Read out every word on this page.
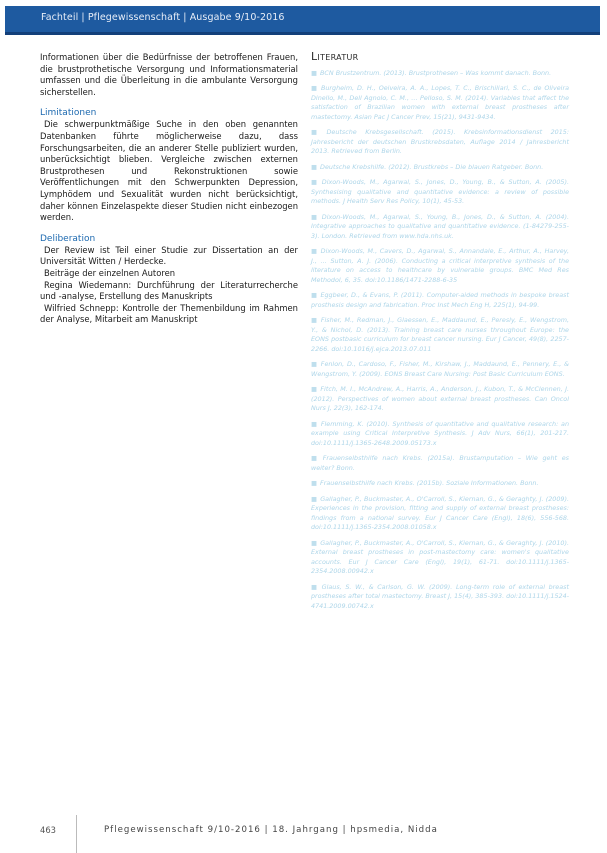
Fachteil | Pflegewissenschaft | Ausgabe 9/10-2016

Informationen über die Bedürfnisse der betroffenen Frauen, die brustprothetische Versorgung und Informationsmaterial umfassen und die Überleitung in die ambulante Versorgung sicherstellen.

Limitationen

Die schwerpunktmäßige Suche in den oben genannten Datenbanken führte möglicherweise dazu, dass Forschungsarbeiten, die an anderer Stelle publiziert wurden, unberücksichtigt blieben. Vergleiche zwischen externen Brustprothesen und Rekonstruktionen sowie Veröffentlichungen mit den Schwerpunkten Depression, Lymphödem und Sexualität wurden nicht berücksichtigt, daher können Einzelaspekte dieser Studien nicht einbezogen werden.

Deliberation

Der Review ist Teil einer Studie zur Dissertation an der Universität Witten / Herdecke.

Beiträge der einzelnen Autoren

Regina Wiedemann: Durchführung der Literaturrecherche und -analyse, Erstellung des Manuskripts

Wilfried Schnepp: Kontrolle der Themenbildung im Rahmen der Analyse, Mitarbeit am Manuskript

Literatur

■ BCN Brustzentrum. (2013). Brustprothesen – Was kommt danach. Bonn.

■ Burgheim, D. H., Oeiveira, A. A., Lopes, T. C., Brischiliari, S. C., de Oliveira Dinello, M., Dell Agnolo, C. M., … Pelloso, S. M. (2014). Variables that affect the satisfaction of Brazilian women with external breast prostheses after mastectomy. Asian Pac J Cancer Prev, 15(21), 9431-9434.

■ Deutsche Krebsgesellschaft. (2015). Krebsinformationsdienst 2015: Jahresbericht der deutschen Brustkrebsdaten, Auflage 2014 / Jahresbericht 2013. Retrieved from Berlin.

■ Deutsche Krebshilfe. (2012). Brustkrebs – Die blauen Ratgeber. Bonn.

■ Dixon-Woods, M., Agarwal, S., Jones, D., Young, B., & Sutton, A. (2005). Synthesising qualitative and quantitative evidence: a review of possible methods. J Health Serv Res Policy, 10(1), 45-53.

■ Dixon-Woods, M., Agarwal, S., Young, B., Jones, D., & Sutton, A. (2004). Integrative approaches to qualitative and quantitative evidence. (1-84279-255-3). London. Retrieved from www.hda.nhs.uk.

■ Dixon-Woods, M., Cavers, D., Agarwal, S., Annandale, E., Arthur, A., Harvey, J., … Sutton, A. J. (2006). Conducting a critical interpretive synthesis of the literature on access to healthcare by vulnerable groups. BMC Med Res Methodol, 6, 35. doi:10.1186/1471-2288-6-35

■ Eggbeer, D., & Evans, P. (2011). Computer-aided methods in bespoke breast prosthesis design and fabrication. Proc Inst Mech Eng H, 225(1), 94-99.

■ Fisher, M., Redman, J., Glaessen, E., Maddaund, E., Peresly, E., Wengstrom, Y., & Nichol, D. (2013). Training breast care nurses throughout Europe: the EONS postbasic curriculum for breast cancer nursing. Eur J Cancer, 49(8), 2257-2266. doi:10.1016/j.ejca.2013.07.011

■ Fenlon, D., Cardoso, F., Fisher, M., Kirshaw, J., Maddaund, E., Pennery, E., & Wengstrom, Y. (2009). EONS Breast Care Nursing: Post Basic Curriculum EONS.

■ Fitch, M. I., McAndrew, A., Harris, A., Anderson, J., Kubon, T., & McClennen, J. (2012). Perspectives of women about external breast prostheses. Can Oncol Nurs J, 22(3), 162-174.

■ Flemming, K. (2010). Synthesis of quantitative and qualitative research: an example using Critical Interpretive Synthesis. J Adv Nurs, 66(1), 201-217. doi:10.1111/j.1365-2648.2009.05173.x

■ Frauenselbsthilfe nach Krebs. (2015a). Brustamputation – Wie geht es weiter? Bonn.

■ Frauenselbsthilfe nach Krebs. (2015b). Soziale Informationen. Bonn.

■ Gallagher, P., Buckmaster, A., O'Carroll, S., Kiernan, G., & Geraghty, J. (2009). Experiences in the provision, fitting and supply of external breast prostheses: findings from a national survey. Eur J Cancer Care (Engl), 18(6), 556-568. doi:10.1111/j.1365-2354.2008.01058.x

■ Gallagher, P., Buckmaster, A., O'Carroll, S., Kiernan, G., & Geraghty, J. (2010). External breast prostheses in post-mastectomy care: women's qualitative accounts. Eur J Cancer Care (Engl), 19(1), 61-71. doi:10.1111/j.1365-2354.2008.00942.x

■ Glaus, S. W., & Carlson, G. W. (2009). Long-term role of external breast prostheses after total mastectomy. Breast J, 15(4), 385-393. doi:10.1111/j.1524-4741.2009.00742.x

463	Pflegewissenschaft 9/10-2016 | 18. Jahrgang | hpsmedia, Nidda
